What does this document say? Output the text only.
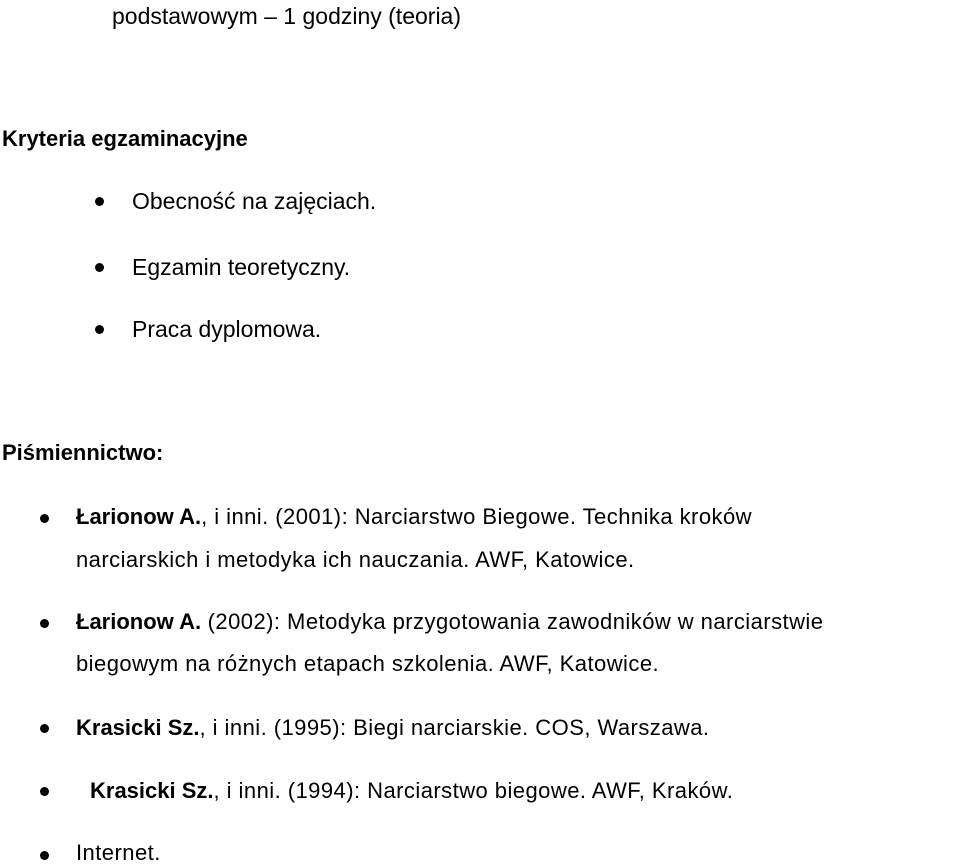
podstawowym – 1 godziny (teoria)
Kryteria egzaminacyjne
Obecność na zajęciach.
Egzamin teoretyczny.
Praca dyplomowa.
Piśmiennictwo:
Łarionow A., i inni. (2001): Narciarstwo Biegowe. Technika kroków
narciarskich i metodyka ich nauczania. AWF, Katowice.
Łarionow A. (2002): Metodyka przygotowania zawodników w narciarstwie
biegowym na różnych etapach szkolenia. AWF, Katowice.
Krasicki Sz., i inni. (1995): Biegi narciarskie. COS, Warszawa.
Krasicki Sz., i inni. (1994): Narciarstwo biegowe. AWF, Kraków.
Internet.
